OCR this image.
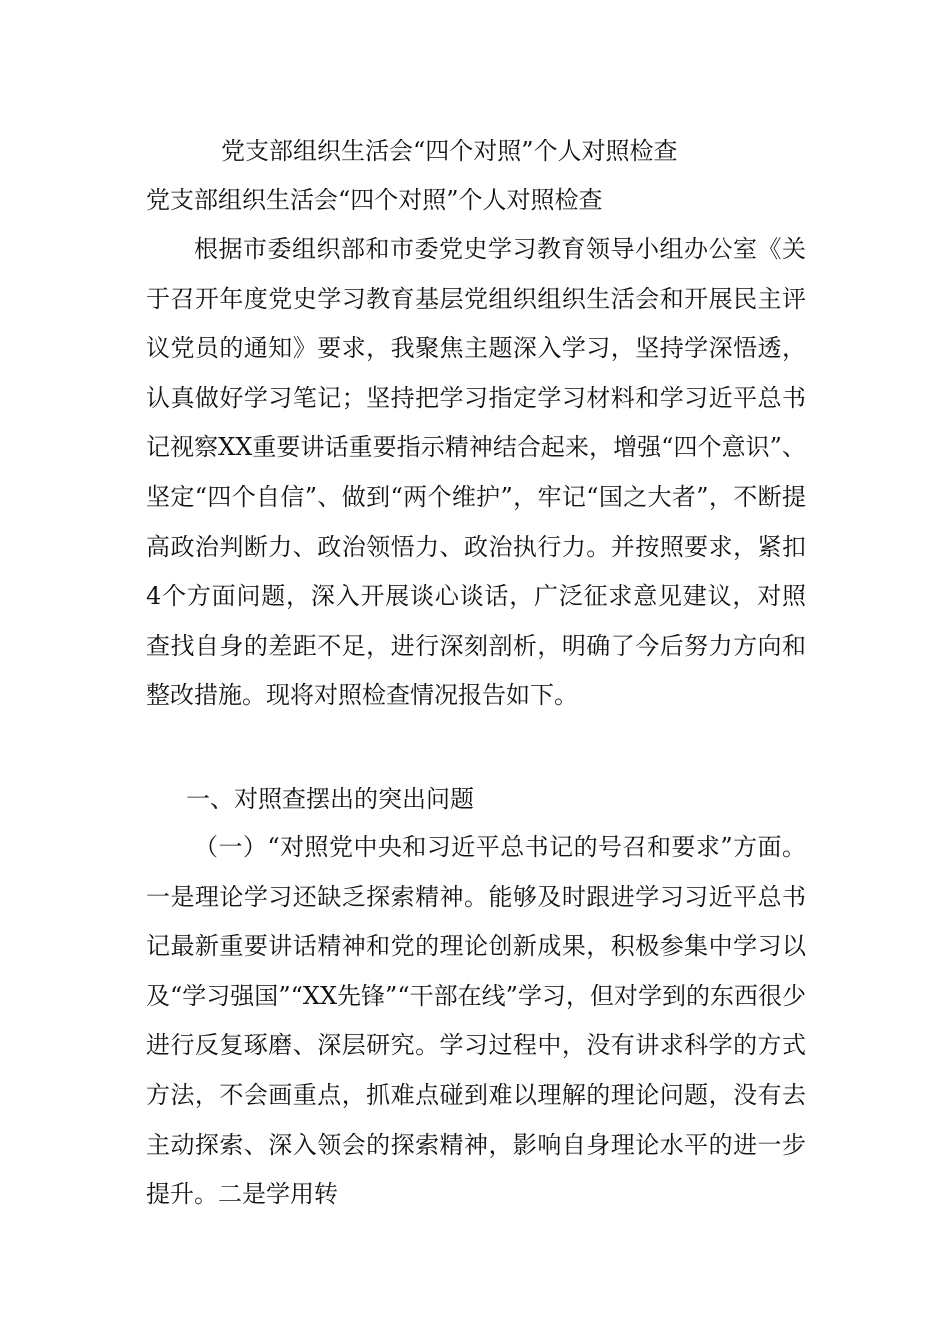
党支部组织生活会“四个对照”个人对照检查
党支部组织生活会“四个对照”个人对照检查

根据市委组织部和市委党史学习教育领导小组办公室《关于召开年度党史学习教育基层党组织组织生活会和开展民主评议党员的通知》要求，我聚焦主题深入学习，坚持学深悟透，认真做好学习笔记；坚持把学习指定学习材料和学习近平总书记视察XX重要讲话重要指示精神结合起来，增强“四个意识”、坚定“四个自信”、做到“两个维护”，牢记“国之大者”，不断提高政治判断力、政治领悟力、政治执行力。并按照要求，紧扣4个方面问题，深入开展谈心谈话，广泛征求意见建议，对照查找自身的差距不足，进行深刻剖析，明确了今后努力方向和整改措施。现将对照检查情况报告如下。

一、对照查摆出的突出问题

（一）“对照党中央和习近平总书记的号召和要求”方面。一是理论学习还缺乏探索精神。能够及时跟进学习习近平总书记最新重要讲话精神和党的理论创新成果，积极参集中学习以及“学习强国”“XX先锋”“干部在线”学习，但对学到的东西很少进行反复琢磨、深层研究。学习过程中，没有讲求科学的方式方法，不会画重点，抓难点碰到难以理解的理论问题，没有去主动探索、深入领会的探索精神，影响自身理论水平的进一步提升。二是学用转
